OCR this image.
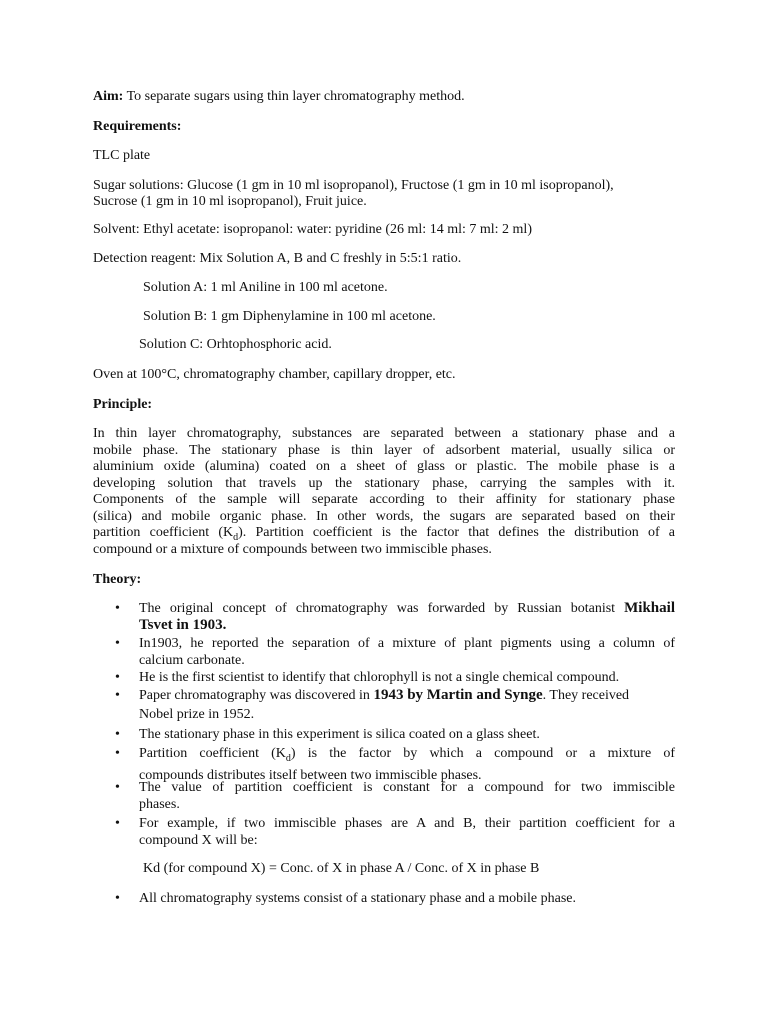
Aim: To separate sugars using thin layer chromatography method.

Requirements:

TLC plate

Sugar solutions: Glucose (1 gm in 10 ml isopropanol), Fructose (1 gm in 10 ml isopropanol),

Sucrose (1 gm in 10 ml isopropanol), Fruit juice.

Solvent: Ethyl acetate: isopropanol: water: pyridine (26 ml: 14 ml: 7 ml: 2 ml)

Detection reagent: Mix Solution A, B and C freshly in 5:5:1 ratio.

Solution A: 1 ml Aniline in 100 ml acetone.

Solution B: 1 gm Diphenylamine in 100 ml acetone.

Solution C: Orhtophosphoric acid.

Oven at 100°C, chromatography chamber, capillary dropper, etc.

Principle:

In thin layer chromatography, substances are separated between a stationary phase and a

mobile phase. The stationary phase is thin layer of adsorbent material, usually silica or

aluminium oxide (alumina) coated on a sheet of glass or plastic. The mobile phase is a

developing solution that travels up the stationary phase, carrying the samples with it.

Components of the sample will separate according to their affinity for stationary phase

(silica) and mobile organic phase. In other words, the sugars are separated based on their

partition coefficient $(K_d)$. Partition coefficient is the factor that defines the distribution of a

compound or a mixture of compounds between two immiscible phases.

Theory:

• The original concept of chromatography was forwarded by Russian botanist Mikhail
Tsvet in 1903.
• In1903, he reported the separation of a mixture of plant pigments using a column of
calcium carbonate.
• He is the first scientist to identify that chlorophyll is not a single chemical compound.
• Paper chromatography was discovered in 1943 by Martin and Synge. They received
Nobel prize in 1952.
• The stationary phase in this experiment is silica coated on a glass sheet.
• Partition coefficient $(K_d)$ is the factor by which a compound or a mixture of
compounds distributes itself between two immiscible phases.
• The value of partition coefficient is constant for a compound for two immiscible
phases.
• For example, if two immiscible phases are A and B, their partition coefficient for a
compound X will be:

Kd (for compound X) = Conc. of X in phase A / Conc. of X in phase B

• All chromatography systems consist of a stationary phase and a mobile phase.
